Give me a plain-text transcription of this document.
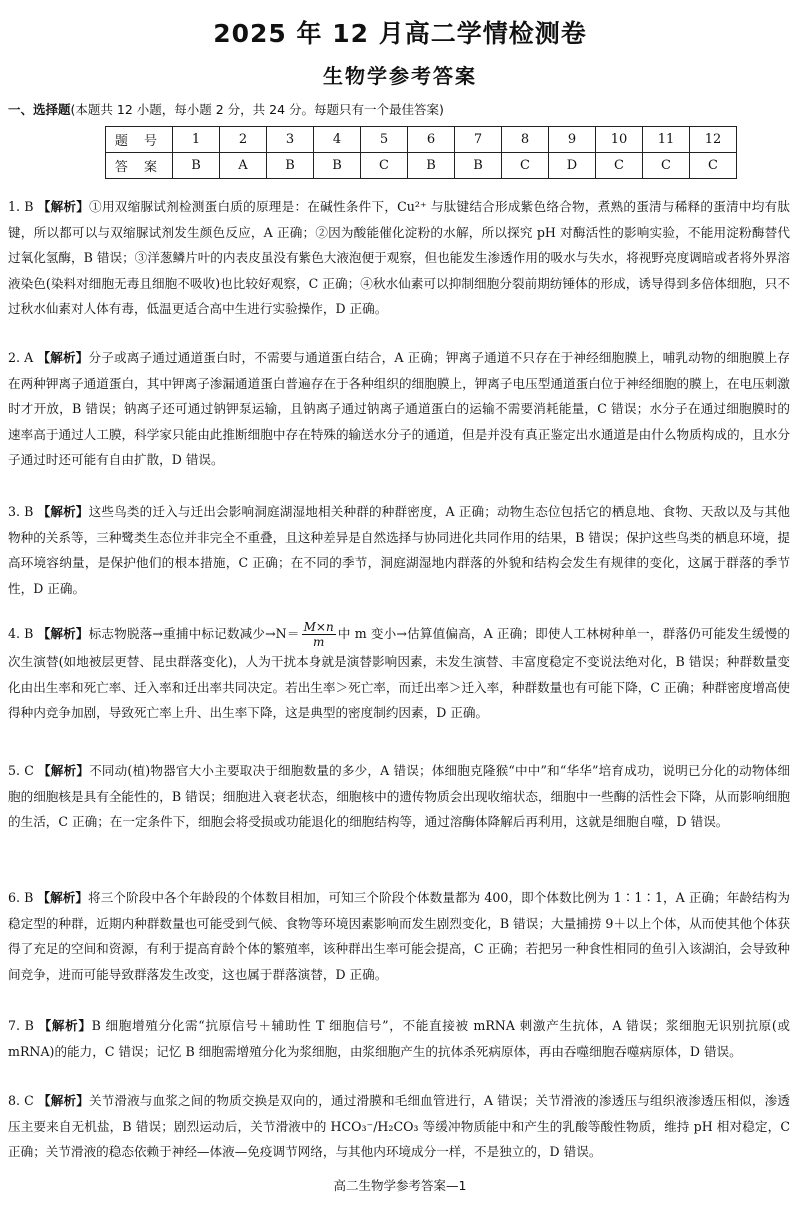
2025 年 12 月高二学情检测卷
生物学参考答案
一、选择题(本题共 12 小题，每小题 2 分，共 24 分。每题只有一个最佳答案)
题 号	1	2	3	4	5	6	7	8	9	10	11	12
答 案	B	A	B	B	C	B	B	C	D	C	C	C
1. B 【解析】①用双缩脲试剂检测蛋白质的原理是：在碱性条件下，Cu²⁺ 与肽键结合形成紫色络合物，煮熟的蛋清与稀释的蛋清中均有肽键，所以都可以与双缩脲试剂发生颜色反应，A 正确；②因为酸能催化淀粉的水解，所以探究 pH 对酶活性的影响实验，不能用淀粉酶替代过氧化氢酶，B 错误；③洋葱鳞片叶的内表皮虽没有紫色大液泡便于观察，但也能发生渗透作用的吸水与失水，将视野亮度调暗或者将外界溶液染色(染料对细胞无毒且细胞不吸收)也比较好观察，C 正确；④秋水仙素可以抑制细胞分裂前期纺锤体的形成，诱导得到多倍体细胞，只不过秋水仙素对人体有毒，低温更适合高中生进行实验操作，D 正确。
2. A 【解析】分子或离子通过通道蛋白时，不需要与通道蛋白结合，A 正确；钾离子通道不只存在于神经细胞膜上，哺乳动物的细胞膜上存在两种钾离子通道蛋白，其中钾离子渗漏通道蛋白普遍存在于各种组织的细胞膜上，钾离子电压型通道蛋白位于神经细胞的膜上，在电压刺激时才开放，B 错误；钠离子还可通过钠钾泵运输，且钠离子通过钠离子通道蛋白的运输不需要消耗能量，C 错误；水分子在通过细胞膜时的速率高于通过人工膜，科学家只能由此推断细胞中存在特殊的输送水分子的通道，但是并没有真正鉴定出水通道是由什么物质构成的，且水分子通过时还可能有自由扩散，D 错误。
3. B 【解析】这些鸟类的迁入与迁出会影响洞庭湖湿地相关种群的种群密度，A 正确；动物生态位包括它的栖息地、食物、天敌以及与其他物种的关系等，三种鹭类生态位并非完全不重叠，且这种差异是自然选择与协同进化共同作用的结果，B 错误；保护这些鸟类的栖息环境，提高环境容纳量，是保护他们的根本措施，C 正确；在不同的季节，洞庭湖湿地内群落的外貌和结构会发生有规律的变化，这属于群落的季节性，D 正确。
4. B 【解析】标志物脱落→重捕中标记数减少$\to N= \frac{M\times n}{m}$ 中 m 变小→估算值偏高，A 正确；即使人工林树种单一，群落仍可能发生缓慢的次生演替(如地被层更替、昆虫群落变化)，人为干扰本身就是演替影响因素，未发生演替、丰富度稳定不变说法绝对化，B 错误；种群数量变化由出生率和死亡率、迁入率和迁出率共同决定。若出生率＞死亡率，而迁出率＞迁入率，种群数量也有可能下降，C 正确；种群密度增高使得种内竞争加剧，导致死亡率上升、出生率下降，这是典型的密度制约因素，D 正确。
5. C 【解析】不同动(植)物器官大小主要取决于细胞数量的多少，A 错误；体细胞克隆猴“中中”和“华华”培育成功，说明已分化的动物体细胞的细胞核是具有全能性的，B 错误；细胞进入衰老状态，细胞核中的遗传物质会出现收缩状态，细胞中一些酶的活性会下降，从而影响细胞的生活，C 正确；在一定条件下，细胞会将受损或功能退化的细胞结构等，通过溶酶体降解后再利用，这就是细胞自噬，D 错误。
6. B 【解析】将三个阶段中各个年龄段的个体数目相加，可知三个阶段个体数量都为 400，即个体数比例为 1∶1∶1，A 正确；年龄结构为稳定型的种群，近期内种群数量也可能受到气候、食物等环境因素影响而发生剧烈变化，B 错误；大量捕捞 9＋以上个体，从而使其他个体获得了充足的空间和资源，有利于提高育龄个体的繁殖率，该种群出生率可能会提高，C 正确；若把另一种食性相同的鱼引入该湖泊，会导致种间竞争，进而可能导致群落发生改变，这也属于群落演替，D 正确。
7. B 【解析】B 细胞增殖分化需“抗原信号＋辅助性 T 细胞信号”，不能直接被 mRNA 刺激产生抗体，A 错误；浆细胞无识别抗原(或 mRNA)的能力，C 错误；记忆 B 细胞需增殖分化为浆细胞，由浆细胞产生的抗体杀死病原体，再由吞噬细胞吞噬病原体，D 错误。
8. C 【解析】关节滑液与血浆之间的物质交换是双向的，通过滑膜和毛细血管进行，A 错误；关节滑液的渗透压与组织液渗透压相似，渗透压主要来自无机盐，B 错误；剧烈运动后，关节滑液中的 HCO₃⁻/H₂CO₃ 等缓冲物质能中和产生的乳酸等酸性物质，维持 pH 相对稳定，C 正确；关节滑液的稳态依赖于神经—体液—免疫调节网络，与其他内环境成分一样，不是独立的，D 错误。
高二生物学参考答案—1
